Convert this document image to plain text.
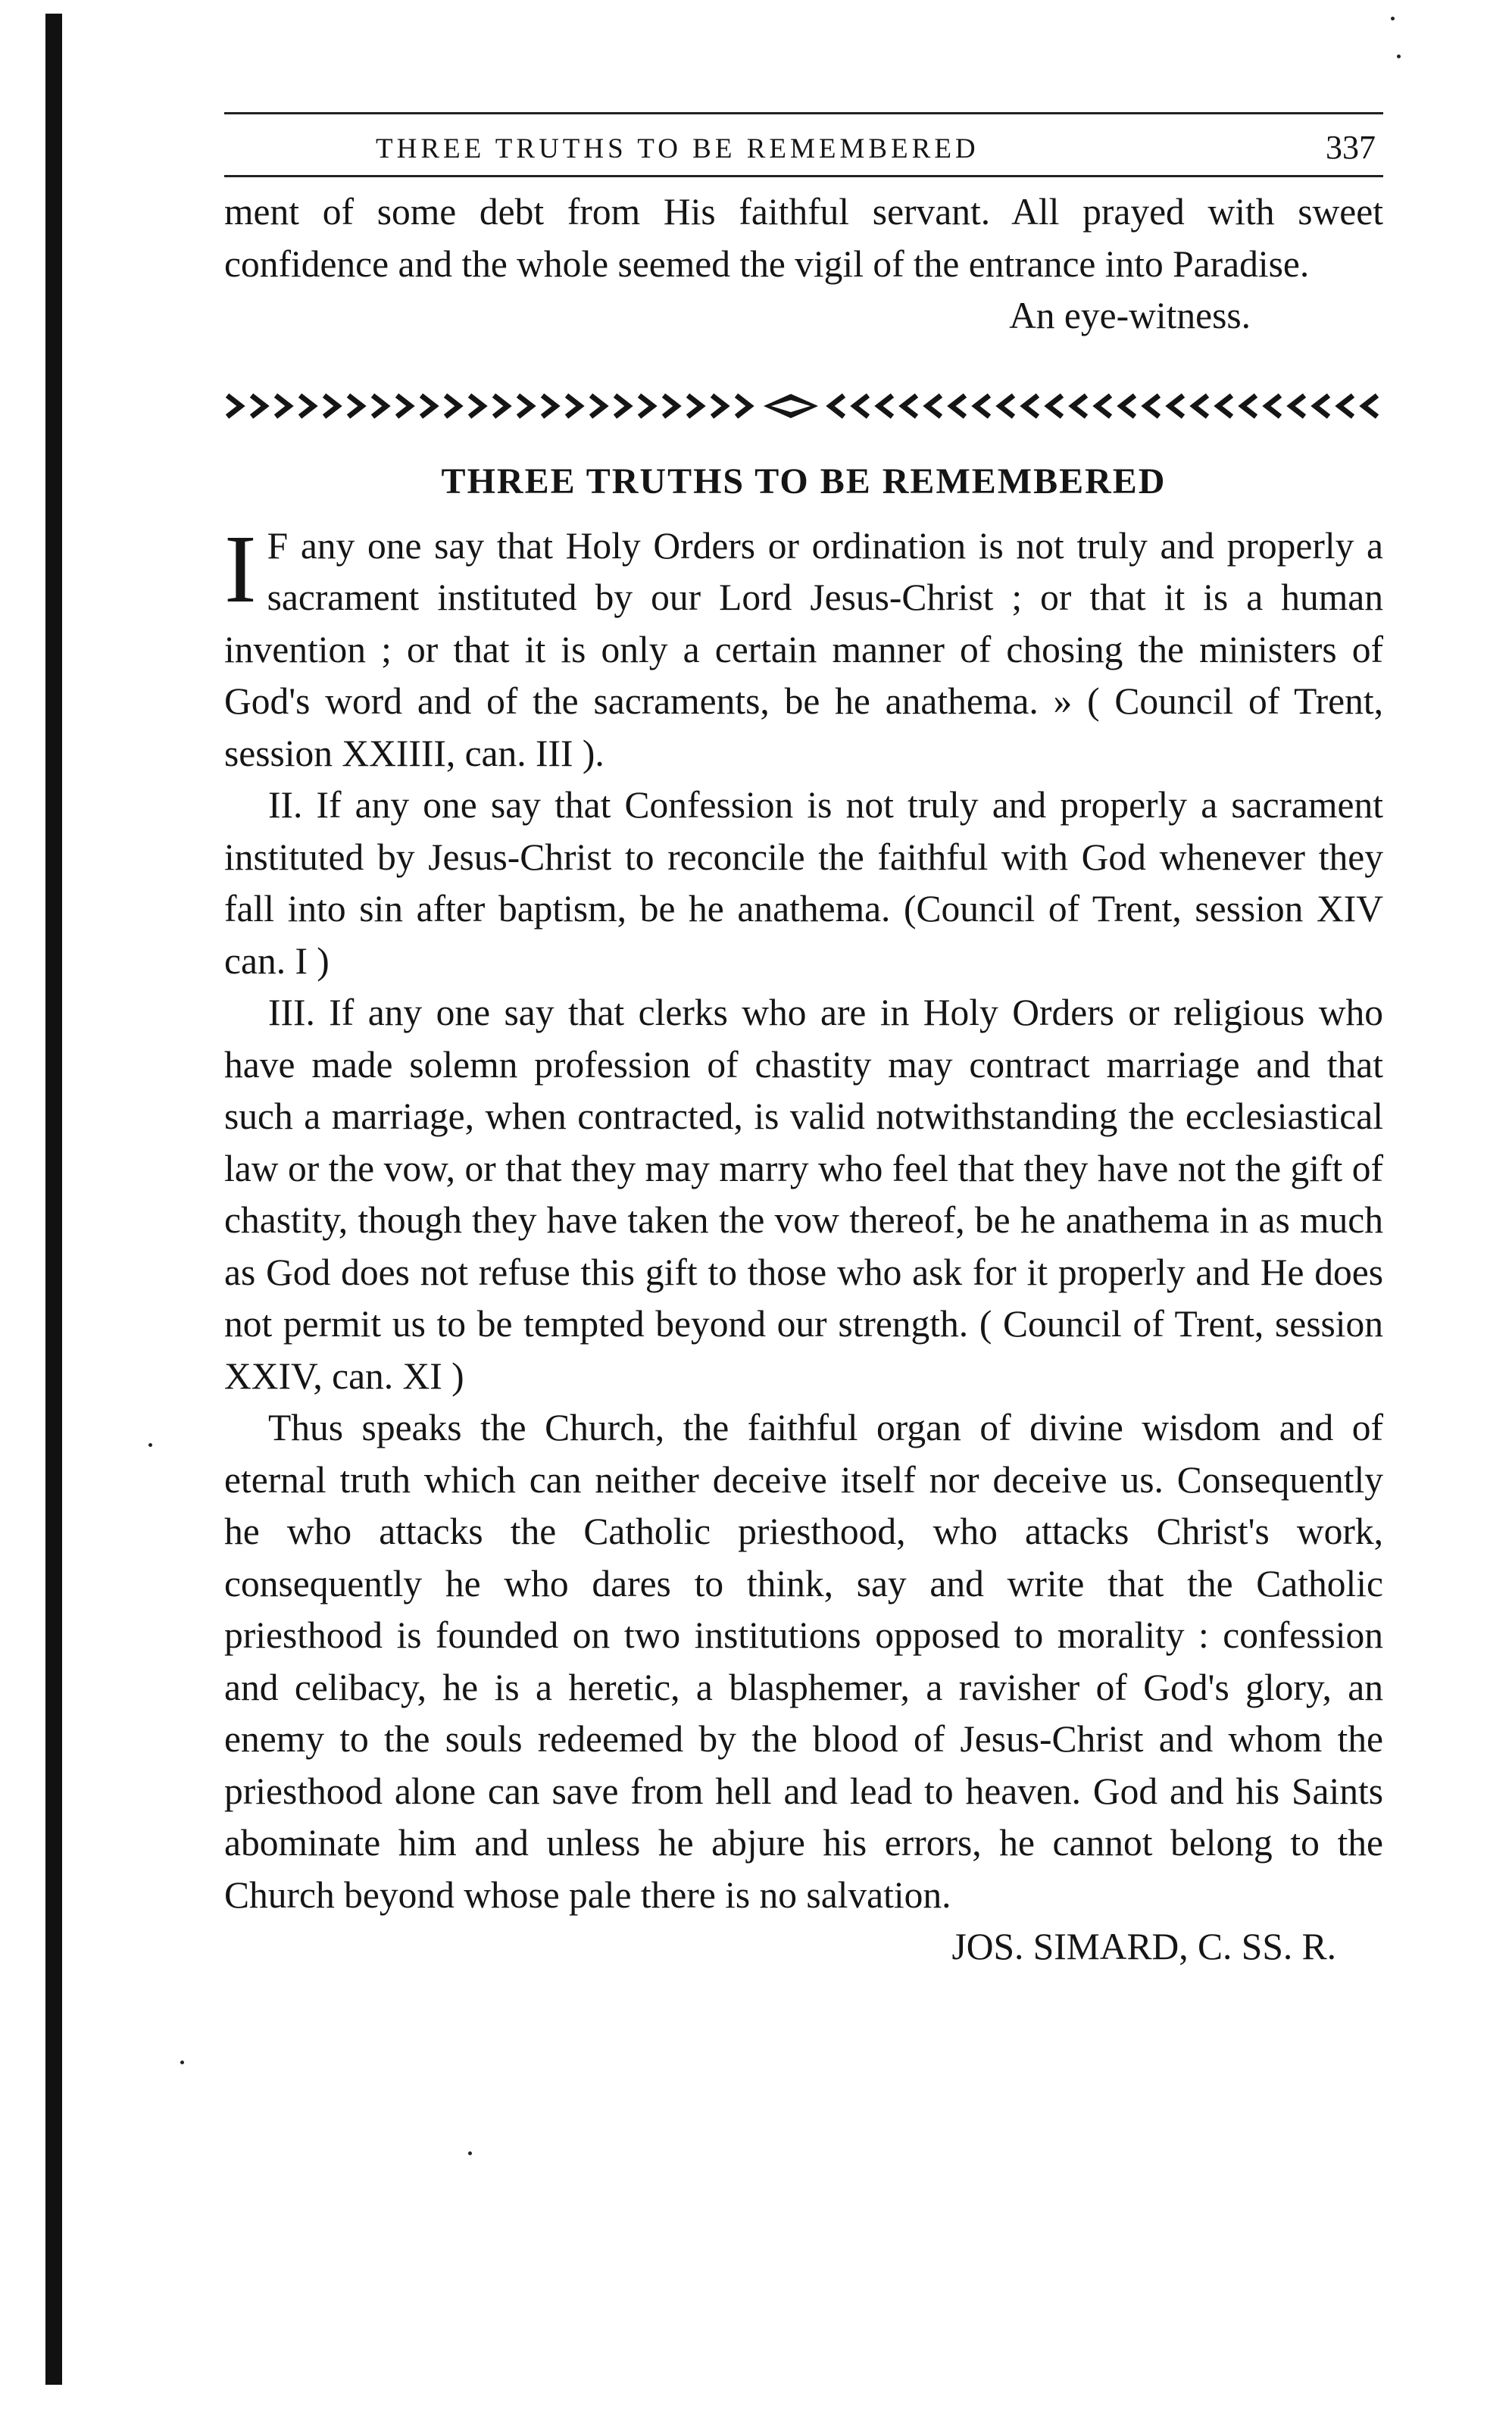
THREE TRUTHS TO BE REMEMBERED	337

ment of some debt from His faithful servant. All prayed with sweet confidence and the whole seemed the vigil of the entrance into Paradise.

An eye-witness.

THREE TRUTHS TO BE REMEMBERED

I F any one say that Holy Orders or ordination is not truly and properly a sacrament instituted by our Lord Jesus-Christ ; or that it is a human invention ; or that it is only a certain manner of chosing the ministers of God's word and of the sacraments, be he anathema. » ( Council of Trent, session XXIIII, can. III ).

II. If any one say that Confession is not truly and properly a sacrament instituted by Jesus-Christ to reconcile the faithful with God whenever they fall into sin after baptism, be he anathema. (Council of Trent, session XIV can. I )

III. If any one say that clerks who are in Holy Orders or religious who have made solemn profession of chastity may contract marriage and that such a marriage, when contracted, is valid notwithstanding the ecclesiastical law or the vow, or that they may marry who feel that they have not the gift of chastity, though they have taken the vow thereof, be he anathema in as much as God does not refuse this gift to those who ask for it properly and He does not permit us to be tempted beyond our strength. ( Council of Trent, session XXIV, can. XI )

Thus speaks the Church, the faithful organ of divine wisdom and of eternal truth which can neither deceive itself nor deceive us. Consequently he who attacks the Catholic priesthood, who attacks Christ's work, consequently he who dares to think, say and write that the Catholic priesthood is founded on two institutions opposed to morality : confession and celibacy, he is a heretic, a blasphemer, a ravisher of God's glory, an enemy to the souls redeemed by the blood of Jesus-Christ and whom the priesthood alone can save from hell and lead to heaven. God and his Saints abominate him and unless he abjure his errors, he cannot belong to the Church beyond whose pale there is no salvation.
JOS. SIMARD, C. SS. R.
